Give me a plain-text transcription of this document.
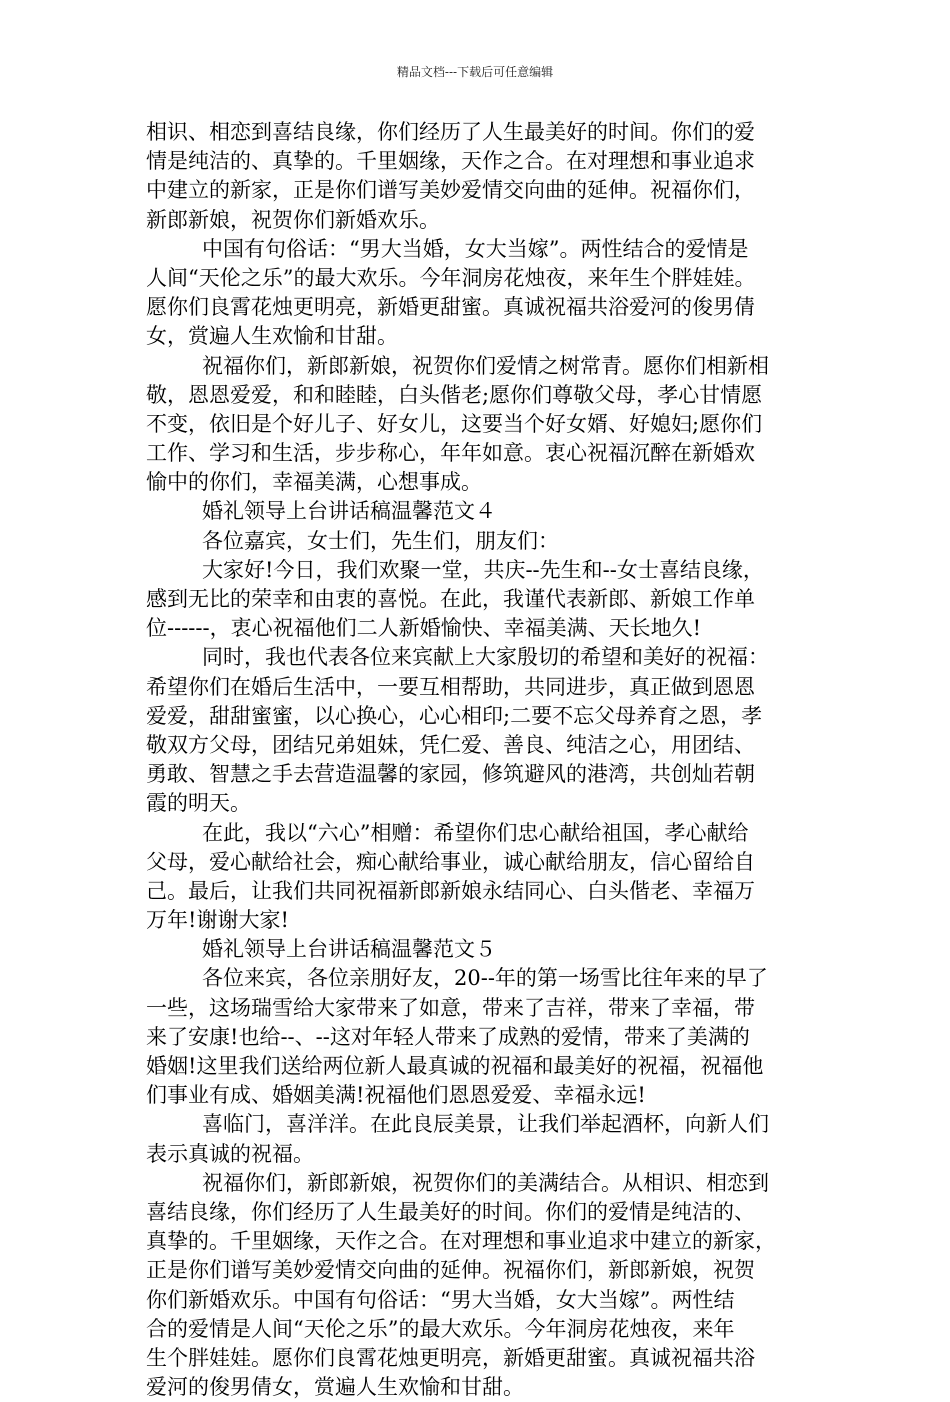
精品文档---下载后可任意编辑
相识、相恋到喜结良缘，你们经历了人生最美好的时间。你们的爱
情是纯洁的、真挚的。千里姻缘，天作之合。在对理想和事业追求
中建立的新家，正是你们谱写美妙爱情交向曲的延伸。祝福你们，
新郎新娘，祝贺你们新婚欢乐。
中国有句俗话：“男大当婚，女大当嫁”。两性结合的爱情是
人间“天伦之乐”的最大欢乐。今年洞房花烛夜，来年生个胖娃娃。
愿你们良霄花烛更明亮，新婚更甜蜜。真诚祝福共浴爱河的俊男倩
女，赏遍人生欢愉和甘甜。
祝福你们，新郎新娘，祝贺你们爱情之树常青。愿你们相新相
敬，恩恩爱爱，和和睦睦，白头偕老;愿你们尊敬父母，孝心甘情愿
不变，依旧是个好儿子、好女儿，这要当个好女婿、好媳妇;愿你们
工作、学习和生活，步步称心，年年如意。衷心祝福沉醉在新婚欢
愉中的你们，幸福美满，心想事成。
婚礼领导上台讲话稿温馨范文４
各位嘉宾，女士们，先生们，朋友们：
大家好!今日，我们欢聚一堂，共庆--先生和--女士喜结良缘，
感到无比的荣幸和由衷的喜悦。在此，我谨代表新郎、新娘工作单
位------，衷心祝福他们二人新婚愉快、幸福美满、天长地久!
同时，我也代表各位来宾献上大家殷切的希望和美好的祝福：
希望你们在婚后生活中，一要互相帮助，共同进步，真正做到恩恩
爱爱，甜甜蜜蜜，以心换心，心心相印;二要不忘父母养育之恩，孝
敬双方父母，团结兄弟姐妹，凭仁爱、善良、纯洁之心，用团结、
勇敢、智慧之手去营造温馨的家园，修筑避风的港湾，共创灿若朝
霞的明天。
在此，我以“六心”相赠：希望你们忠心献给祖国，孝心献给
父母，爱心献给社会，痴心献给事业，诚心献给朋友，信心留给自
己。最后，让我们共同祝福新郎新娘永结同心、白头偕老、幸福万
万年!谢谢大家!
婚礼领导上台讲话稿温馨范文５
各位来宾，各位亲朋好友，20--年的第一场雪比往年来的早了
一些，这场瑞雪给大家带来了如意，带来了吉祥，带来了幸福，带
来了安康!也给--、--这对年轻人带来了成熟的爱情，带来了美满的
婚姻!这里我们送给两位新人最真诚的祝福和最美好的祝福，祝福他
们事业有成、婚姻美满!祝福他们恩恩爱爱、幸福永远!
喜临门，喜洋洋。在此良辰美景，让我们举起酒杯，向新人们
表示真诚的祝福。
祝福你们，新郎新娘，祝贺你们的美满结合。从相识、相恋到
喜结良缘，你们经历了人生最美好的时间。你们的爱情是纯洁的、
真挚的。千里姻缘，天作之合。在对理想和事业追求中建立的新家，
正是你们谱写美妙爱情交向曲的延伸。祝福你们，新郎新娘，祝贺
你们新婚欢乐。中国有句俗话：“男大当婚，女大当嫁”。两性结
合的爱情是人间“天伦之乐”的最大欢乐。今年洞房花烛夜，来年
生个胖娃娃。愿你们良霄花烛更明亮，新婚更甜蜜。真诚祝福共浴
爱河的俊男倩女，赏遍人生欢愉和甘甜。
